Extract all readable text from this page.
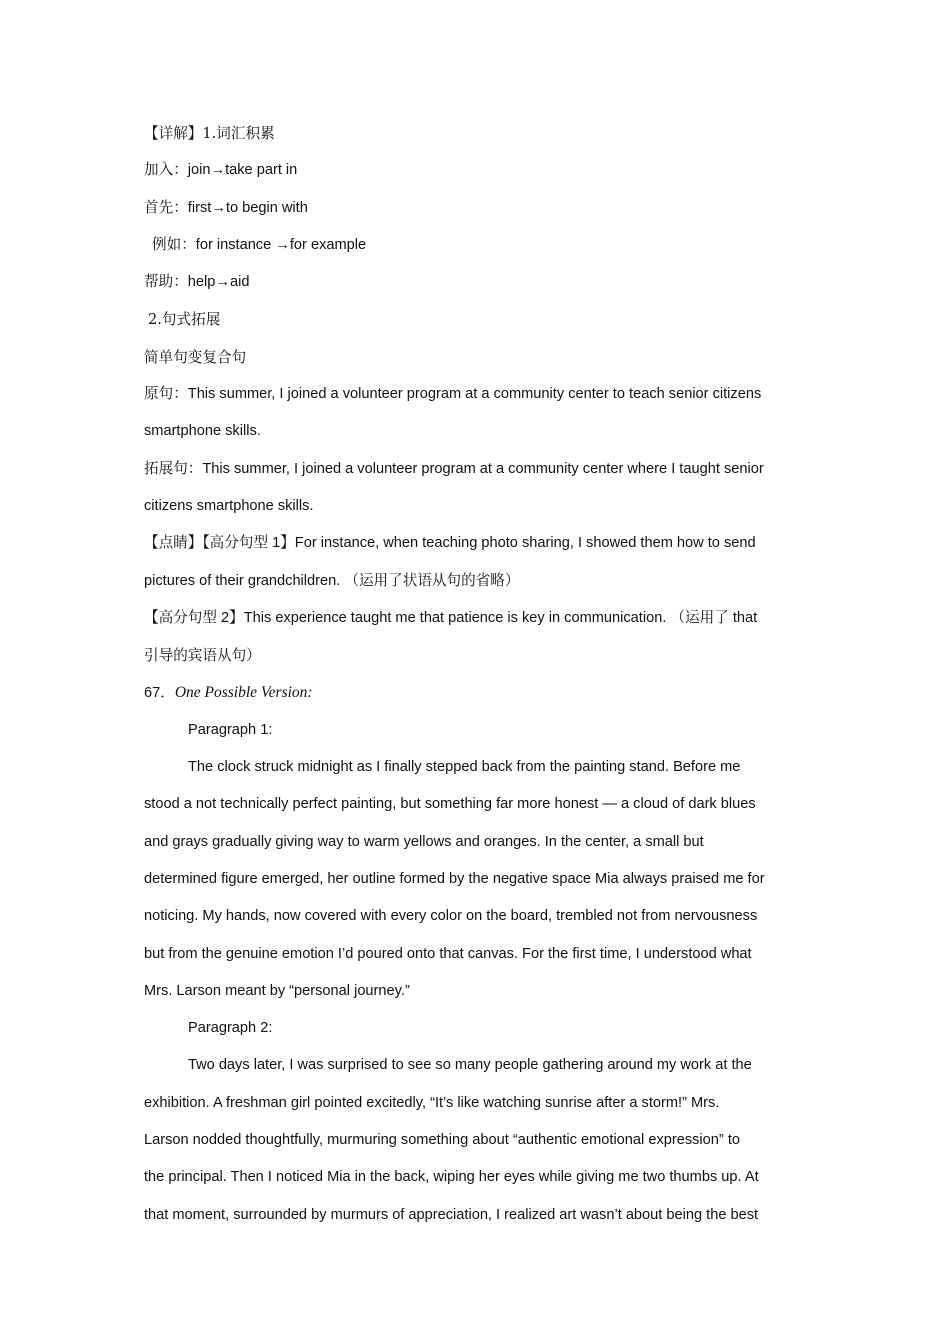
【详解】1.词汇积累
加入：join→take part in
首先：first→to begin with
例如：for instance →for example
帮助：help→aid
2.句式拓展
简单句变复合句
原句：This summer, I joined a volunteer program at a community center to teach senior citizens
smartphone skills.
拓展句：This summer, I joined a volunteer program at a community center where I taught senior
citizens smartphone skills.
【点睛】【高分句型 1】For instance, when teaching photo sharing, I showed them how to send
pictures of their grandchildren. （运用了状语从句的省略）
【高分句型 2】This experience taught me that patience is key in communication. （运用了 that
引导的宾语从句）
67．One Possible Version:
Paragraph 1:
The clock struck midnight as I finally stepped back from the painting stand. Before me
stood a not technically perfect painting, but something far more honest — a cloud of dark blues
and grays gradually giving way to warm yellows and oranges. In the center, a small but
determined figure emerged, her outline formed by the negative space Mia always praised me for
noticing. My hands, now covered with every color on the board, trembled not from nervousness
but from the genuine emotion I’d poured onto that canvas. For the first time, I understood what
Mrs. Larson meant by “personal journey.”
Paragraph 2:
Two days later, I was surprised to see so many people gathering around my work at the
exhibition. A freshman girl pointed excitedly, “It’s like watching sunrise after a storm!” Mrs.
Larson nodded thoughtfully, murmuring something about “authentic emotional expression” to
the principal. Then I noticed Mia in the back, wiping her eyes while giving me two thumbs up. At
that moment, surrounded by murmurs of appreciation, I realized art wasn’t about being the best
